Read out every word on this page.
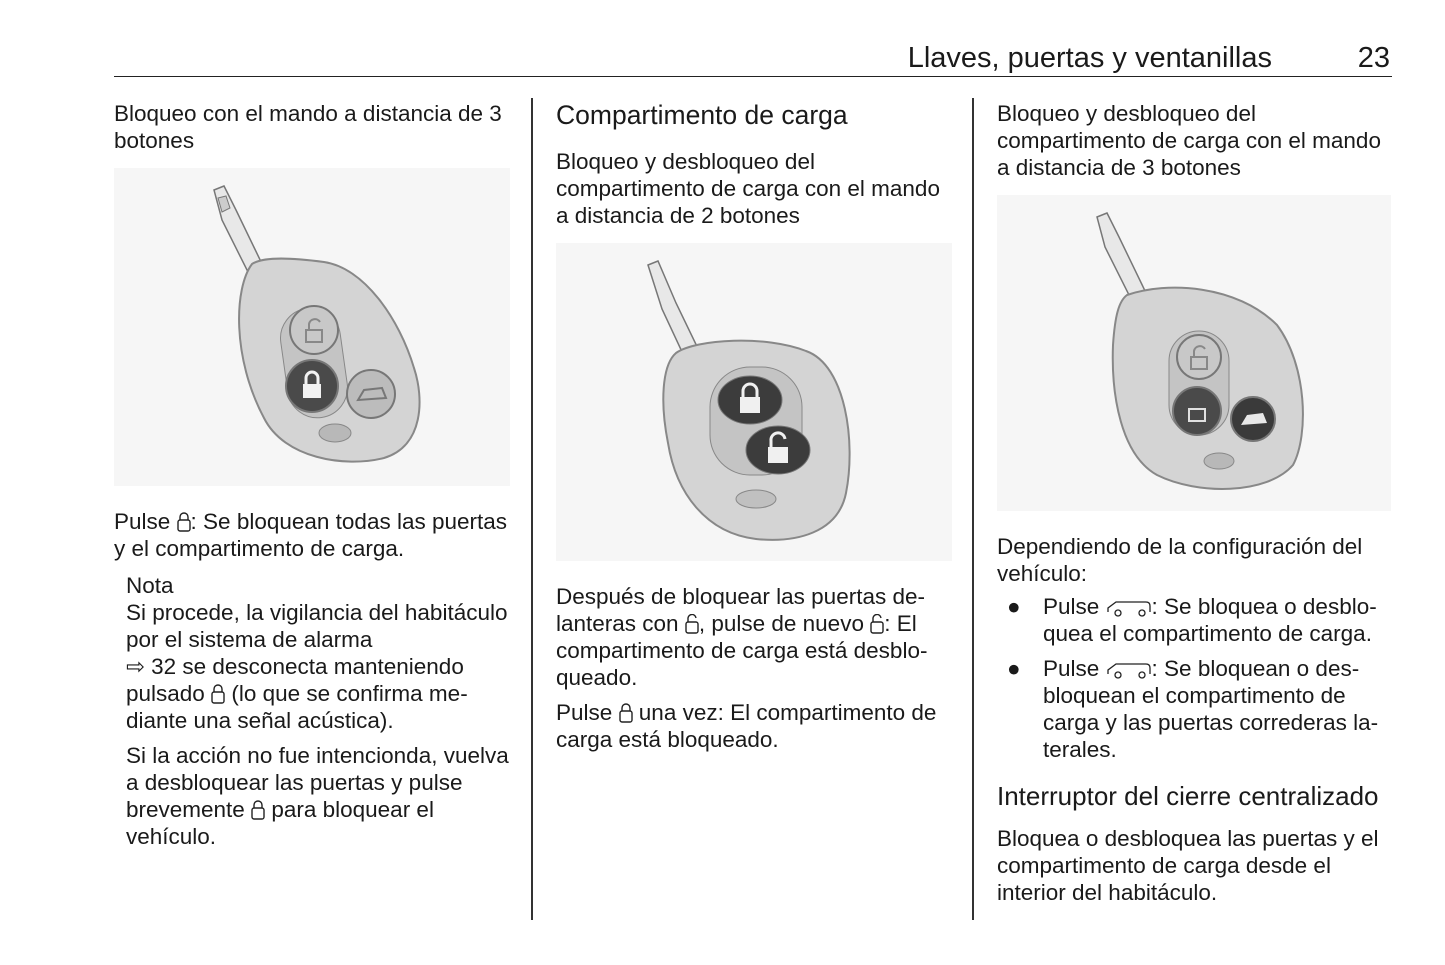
Llaves, puertas y ventanillas	23

Bloqueo con el mando a distancia de 3 botones

Pulse : Se bloquean todas las puertas y el compartimento de carga.

Nota

Si procede, la vigilancia del habitáculo por el sistema de alarma
⇨ 32 se desconecta manteniendo pulsado  (lo que se confirma mediante una señal acústica).

Si la acción no fue intencionda, vuelva a desbloquear las puertas y pulse brevemente  para bloquear el vehículo.

Compartimento de carga

Bloqueo y desbloqueo del compartimento de carga con el mando a distancia de 2 botones

Después de bloquear las puertas delanteras con , pulse de nuevo : El compartimento de carga está desbloqueado.

Pulse  una vez: El compartimento de carga está bloqueado.

Bloqueo y desbloqueo del compartimento de carga con el mando a distancia de 3 botones

Dependiendo de la configuración del vehículo:

● Pulse : Se bloquea o desbloquea el compartimento de carga.
● Pulse : Se bloquean o desbloquean el compartimento de carga y las puertas correderas laterales.

Interruptor del cierre centralizado

Bloquea o desbloquea las puertas y el compartimento de carga desde el interior del habitáculo.
